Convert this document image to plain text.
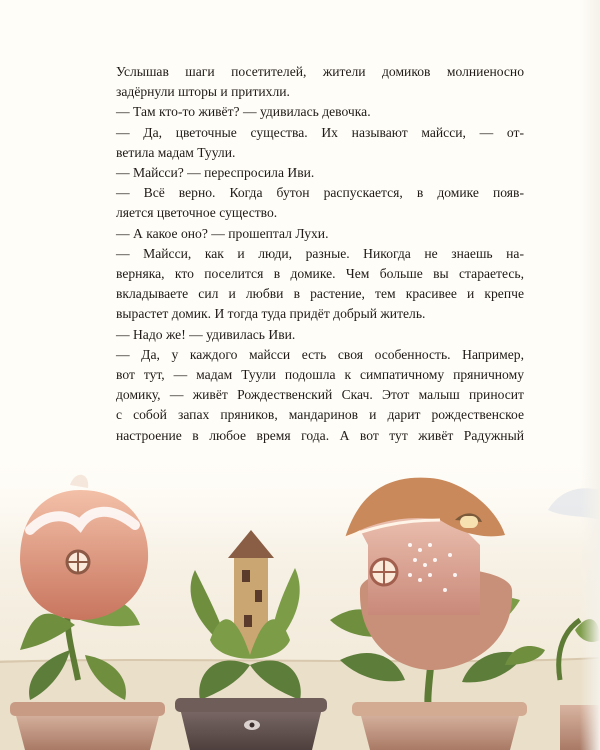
Услышав шаги посетителей, жители домиков молниеносно
задёрнули шторы и притихли.

— Там кто-то живёт? — удивилась девочка.

— Да, цветочные существа. Их называют майсси, — от-
ветила мадам Туули.

— Майсси? — переспросила Иви.

— Всё верно. Когда бутон распускается, в домике появ-
ляется цветочное существо.

— А какое оно? — прошептал Лухи.

— Майсси, как и люди, разные. Никогда не знаешь на-
верняка, кто поселится в домике. Чем больше вы стараетесь,
вкладываете сил и любви в растение, тем красивее и крепче
вырастет домик. И тогда туда придёт добрый житель.

— Надо же! — удивилась Иви.

— Да, у каждого майсси есть своя особенность. Например,
вот тут, — мадам Туули подошла к симпатичному пряничному
домику, — живёт Рождественский Скач. Этот малыш приносит
с собой запах пряников, мандаринов и дарит рождественское
настроение в любое время года. А вот тут живёт Радужный
